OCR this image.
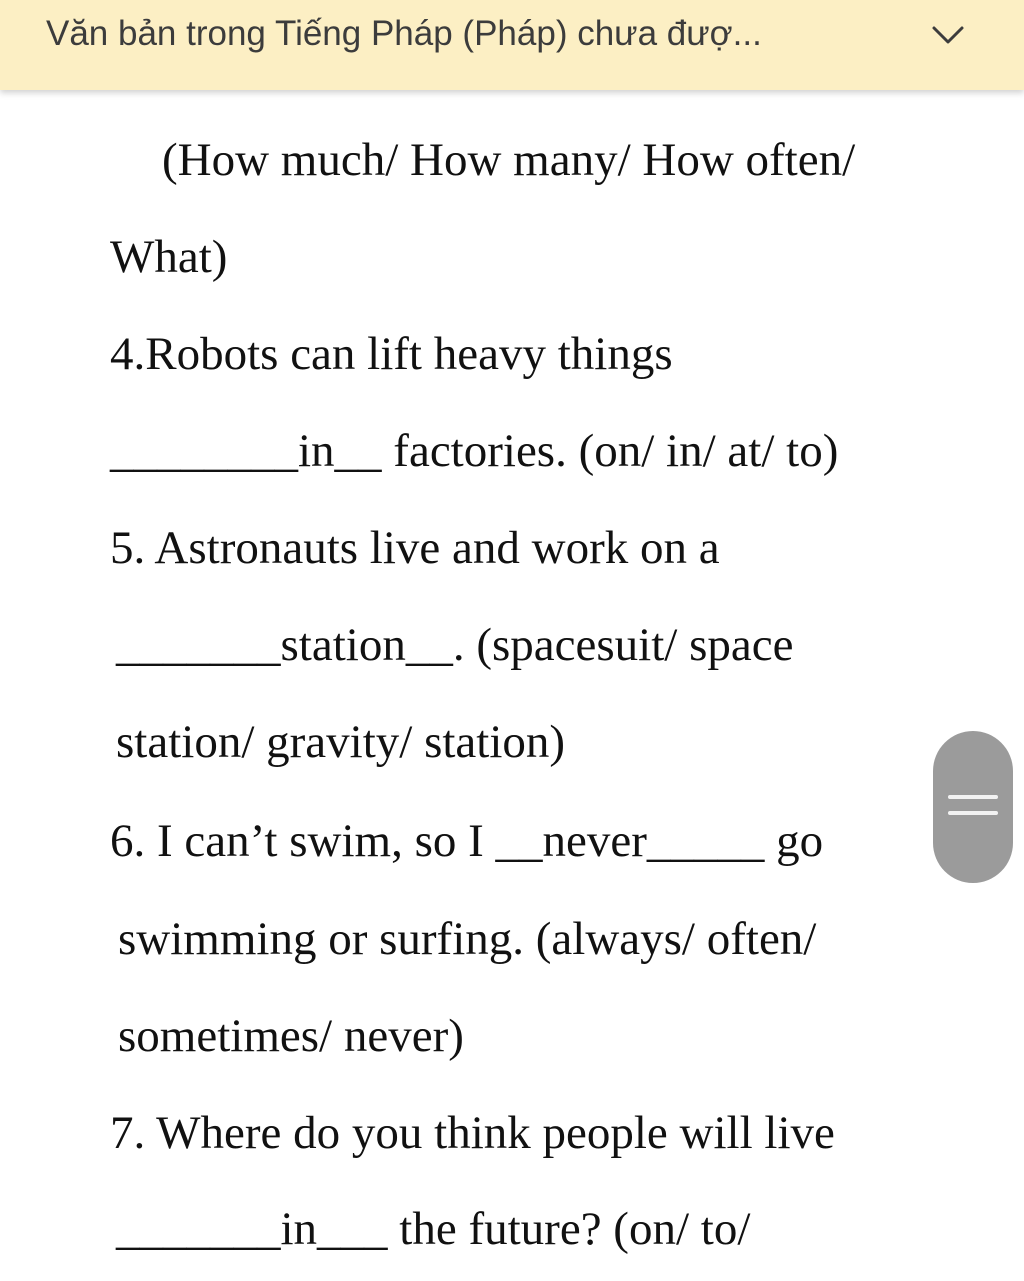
(How much/ How many/ How often/
What)
4.Robots can lift heavy things
________in__ factories. (on/ in/ at/ to)
5. Astronauts live and work on a
_______station__. (spacesuit/ space
station/ gravity/ station)
6. I can’t swim, so I __never_____ go
swimming or surfing. (always/ often/
sometimes/ never)
7. Where do you think people will live
_______in___ the future? (on/ to/
Văn bản trong Tiếng Pháp (Pháp) chưa đượ...
